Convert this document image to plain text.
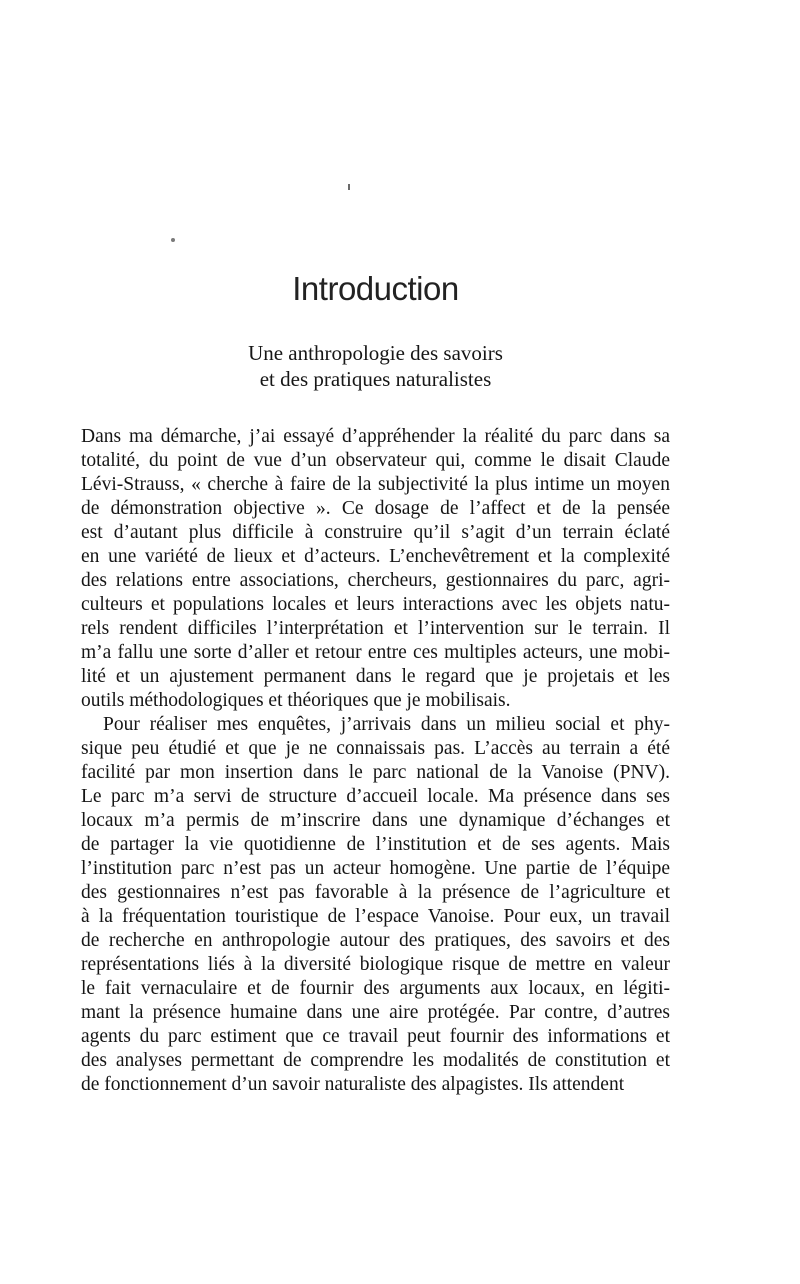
Introduction
Une anthropologie des savoirs
et des pratiques naturalistes
Dans ma démarche, j’ai essayé d’appréhender la réalité du parc dans sa
totalité, du point de vue d’un observateur qui, comme le disait Claude
Lévi-Strauss, « cherche à faire de la subjectivité la plus intime un moyen
de démonstration objective ». Ce dosage de l’affect et de la pensée
est d’autant plus difficile à construire qu’il s’agit d’un terrain éclaté
en une variété de lieux et d’acteurs. L’enchevêtrement et la complexité
des relations entre associations, chercheurs, gestionnaires du parc, agri-
culteurs et populations locales et leurs interactions avec les objets natu-
rels rendent difficiles l’interprétation et l’intervention sur le terrain. Il
m’a fallu une sorte d’aller et retour entre ces multiples acteurs, une mobi-
lité et un ajustement permanent dans le regard que je projetais et les
outils méthodologiques et théoriques que je mobilisais.
Pour réaliser mes enquêtes, j’arrivais dans un milieu social et phy-
sique peu étudié et que je ne connaissais pas. L’accès au terrain a été
facilité par mon insertion dans le parc national de la Vanoise (PNV).
Le parc m’a servi de structure d’accueil locale. Ma présence dans ses
locaux m’a permis de m’inscrire dans une dynamique d’échanges et
de partager la vie quotidienne de l’institution et de ses agents. Mais
l’institution parc n’est pas un acteur homogène. Une partie de l’équipe
des gestionnaires n’est pas favorable à la présence de l’agriculture et
à la fréquentation touristique de l’espace Vanoise. Pour eux, un travail
de recherche en anthropologie autour des pratiques, des savoirs et des
représentations liés à la diversité biologique risque de mettre en valeur
le fait vernaculaire et de fournir des arguments aux locaux, en légiti-
mant la présence humaine dans une aire protégée. Par contre, d’autres
agents du parc estiment que ce travail peut fournir des informations et
des analyses permettant de comprendre les modalités de constitution et
de fonctionnement d’un savoir naturaliste des alpagistes. Ils attendent
